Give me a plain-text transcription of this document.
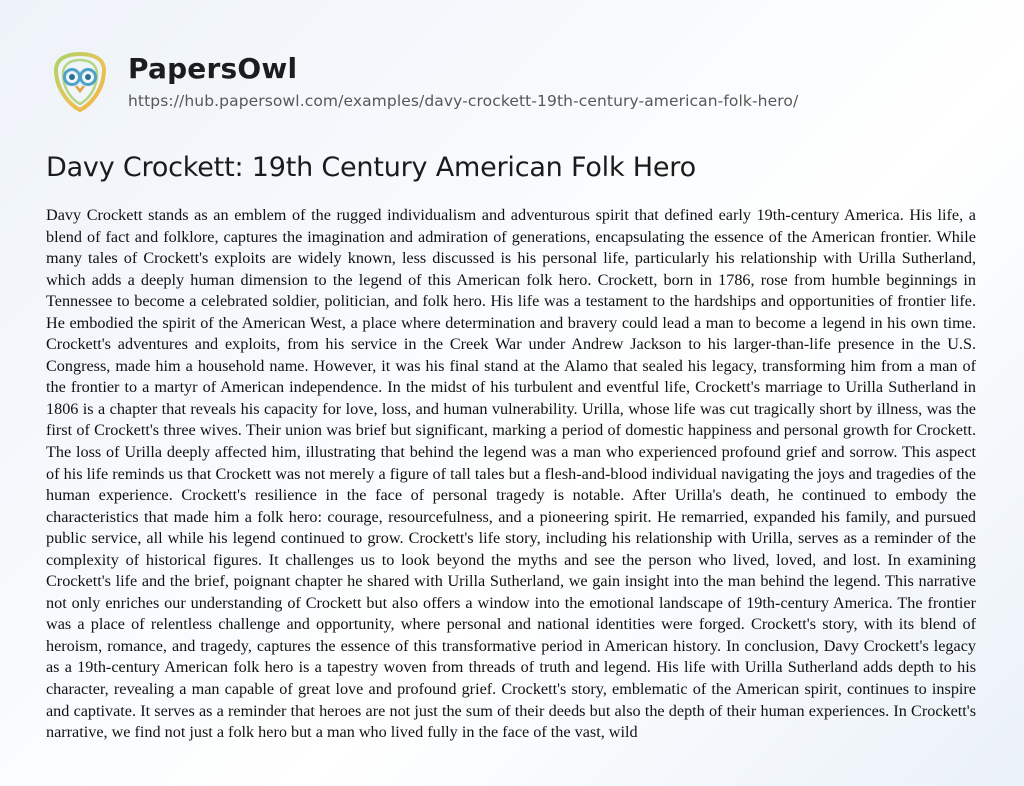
PapersOwl
https://hub.papersowl.com/examples/davy-crockett-19th-century-american-folk-hero/
Davy Crockett: 19th Century American Folk Hero

Davy Crockett stands as an emblem of the rugged individualism and adventurous spirit that defined early 19th-century America. His life, a blend of fact and folklore, captures the imagination and admiration of generations, encapsulating the essence of the American frontier. While many tales of Crockett's exploits are widely known, less discussed is his personal life, particularly his relationship with Urilla Sutherland, which adds a deeply human dimension to the legend of this American folk hero. Crockett, born in 1786, rose from humble beginnings in Tennessee to become a celebrated soldier, politician, and folk hero. His life was a testament to the hardships and opportunities of frontier life. He embodied the spirit of the American West, a place where determination and bravery could lead a man to become a legend in his own time. Crockett's adventures and exploits, from his service in the Creek War under Andrew Jackson to his larger-than-life presence in the U.S. Congress, made him a household name. However, it was his final stand at the Alamo that sealed his legacy, transforming him from a man of the frontier to a martyr of American independence. In the midst of his turbulent and eventful life, Crockett's marriage to Urilla Sutherland in 1806 is a chapter that reveals his capacity for love, loss, and human vulnerability. Urilla, whose life was cut tragically short by illness, was the first of Crockett's three wives. Their union was brief but significant, marking a period of domestic happiness and personal growth for Crockett. The loss of Urilla deeply affected him, illustrating that behind the legend was a man who experienced profound grief and sorrow. This aspect of his life reminds us that Crockett was not merely a figure of tall tales but a flesh-and-blood individual navigating the joys and tragedies of the human experience. Crockett's resilience in the face of personal tragedy is notable. After Urilla's death, he continued to embody the characteristics that made him a folk hero: courage, resourcefulness, and a pioneering spirit. He remarried, expanded his family, and pursued public service, all while his legend continued to grow. Crockett's life story, including his relationship with Urilla, serves as a reminder of the complexity of historical figures. It challenges us to look beyond the myths and see the person who lived, loved, and lost. In examining Crockett's life and the brief, poignant chapter he shared with Urilla Sutherland, we gain insight into the man behind the legend. This narrative not only enriches our understanding of Crockett but also offers a window into the emotional landscape of 19th-century America. The frontier was a place of relentless challenge and opportunity, where personal and national identities were forged. Crockett's story, with its blend of heroism, romance, and tragedy, captures the essence of this transformative period in American history. In conclusion, Davy Crockett's legacy as a 19th-century American folk hero is a tapestry woven from threads of truth and legend. His life with Urilla Sutherland adds depth to his character, revealing a man capable of great love and profound grief. Crockett's story, emblematic of the American spirit, continues to inspire and captivate. It serves as a reminder that heroes are not just the sum of their deeds but also the depth of their human experiences. In Crockett's narrative, we find not just a folk hero but a man who lived fully in the face of the vast, wild
